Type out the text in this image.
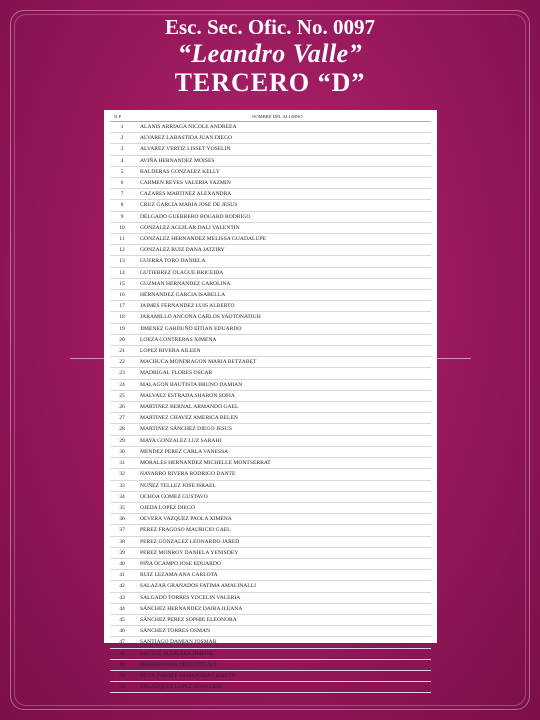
Esc. Sec. Ofic. No. 0097
“Leandro Valle”
TERCERO “D”
N.P	NOMBRE DEL ALUMNO
1	ALANIS ARRIAGA NICOLE ANDREEA
2	ALVAREZ LABASTIDA JUAN DIEGO
3	ALVAREZ VERTIZ LISSET YOSELIN
4	AVIÑA HERNANDEZ MOISES
5	BALDERAS GONZALEZ KELLY
6	CARMEN REYES VALERIA YAZMIN
7	CAZARES MARTINEZ ALEXANDRA
8	CRUZ GARCIA MARIA JOSE DE JESUS
9	DELGADO GUERRERO BOGARD RODRIGO
10	GONZALEZ AGUILAR DALI VALENTIN
11	GONZALEZ HERNANDEZ MELISSA GUADALUPE
12	GONZALEZ RUIZ DANA JATZIRY
13	GUERRA TORO DANIELA
14	GUTIERREZ OLAGUE BRICEIDA
15	GUZMAN HERNANDEZ CAROLINA
16	HERNANDEZ GARCIA ISABELLA
17	JAIMES FERNANDEZ LUIS ALBERTO
18	JARAMILLO ANCONA CARLOS YAOTONATIUH
19	JIMENEZ GARDUÑO EITIAN EDUARDO
20	LOEZA CONTRERAS XIMENA
21	LOPEZ RIVERA AILEEN
22	MACHUCA MONDRAGON MARIA BETZABET
23	MADRIGAL FLORES OSCAR
24	MALAGON BAUTISTA BRUNO DAMIAN
25	MALVAEZ ESTRADA SHARON SOFIA
26	MARTINEZ BERNAL ARMANDO GAEL
27	MARTINEZ CHAVEZ AMERICA BELEN
28	MARTINEZ SÁNCHEZ DIEGO JESUS
29	MAYA GONZALEZ LUZ SARAHI
30	MENDEZ PEREZ CARLA VANESSA
31	MORALES HERNANDEZ MICHELLE MONTSERRAT
32	NAVARRO RIVERA RODRIGO DANTE
33	NUÑEZ TELLEZ JOSE ISRAEL
34	OCHOA GOMEZ GUSTAVO
35	OJEDA LOPEZ DIEGO
36	OLVERA VAZQUEZ PAOLA XIMENA
37	PEREZ FRAGOSO MAURICIO GAEL
38	PEREZ GONZALEZ LEONARDO JARED
39	PEREZ MONROY DANIELA YENISDEY
40	PIÑA OCAMPO JOSE EDUARDO
41	RUIZ LEZAMA ANA CARLOTA
42	SALAZAR GRANADOS FATIMA AMALINALLI
43	SALGADO TORRES YOCELIN VALERIA
44	SÁNCHEZ HERNANDEZ DAIRA ILEANA
45	SÁNCHEZ PEREZ SOPHIE ELEONORA
46	SÁNCHEZ TORRES OSMAN
47	SANTIAGO DAMIAN JOSMAR
48	SANTOS AGUILERA JIMENA
49	SEBASTIAN FLORES CITLALI
50	SILVA ZARATE SAMANTHA LIZBETH
51	VELAZQUEZ LOPEZ JUAN LUIS
